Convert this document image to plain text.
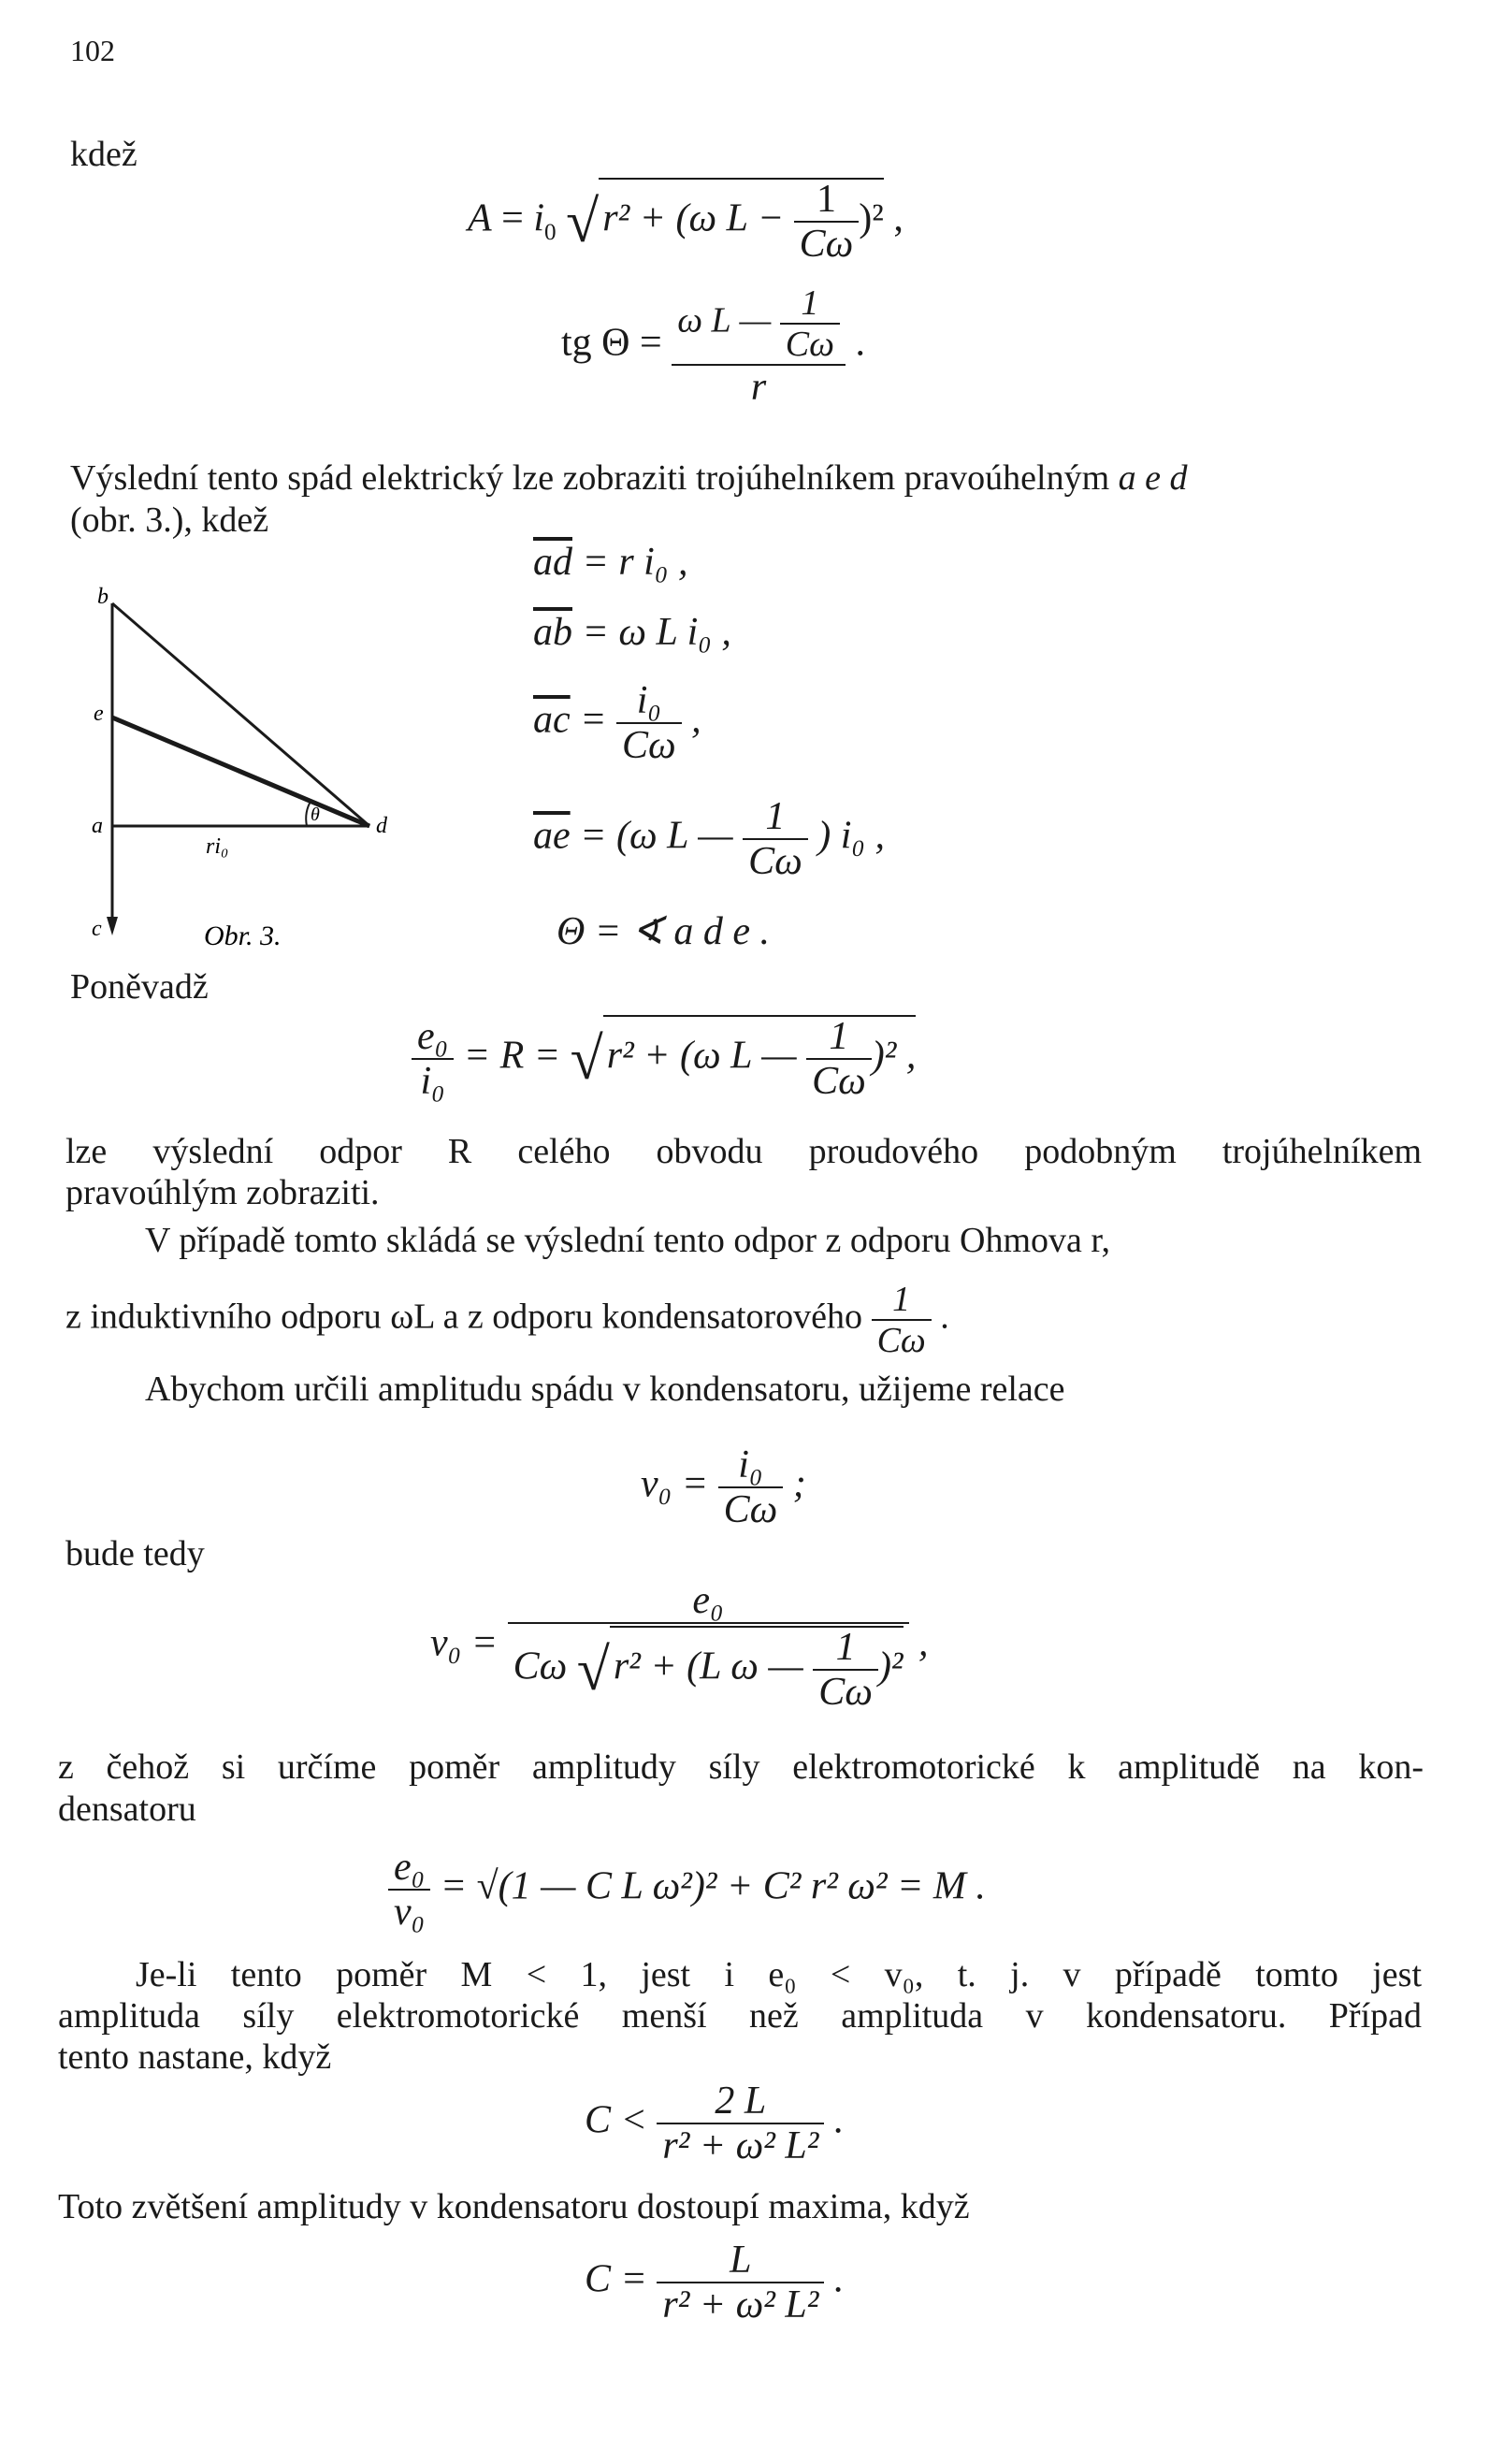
102
kdež
$A = i_0$ √r² + (ω $L - \frac{1}{C\omega} )^2$ ,
tg $\Theta = \frac{\omega L — \frac{1}{C\omega}}{r}$ .
Výslední tento spád elektrický lze zobraziti trojúhelníkem pravoúhelným a e d
(obr. 3.), kdež
b
e
a
c
d
θ
ri₀
Obr. 3.
$\overline{ad} = r$ i₀ ,
$\overline{ab} = \omega$ L i₀ ,
$\overline{ac} = \frac{\text{i₀}}{C\omega}$ ,
$\overline{ae} = (\omega$ L — $\frac{1}{C\omega}$ ) i₀ ,
Θ = ∢ a d e .
Poněvadž
$\frac{\text{e₀}}{\text{i₀}} = R = √r^2 + (\omega$ L — $\frac{1}{C\omega} )^2$ ,
lze výslední odpor R celého obvodu proudového podobným trojúhelníkem
pravoúhlým zobraziti.
V případě tomto skládá se výslední tento odpor z odporu Ohmova r,
z induktivního odporu ωL a z odporu kondensatorového $\frac{1}{C\omega}$ .
Abychom určili amplitudu spádu v kondensatoru, užijeme relace
$v_0 = \frac{\text{i₀}}{C\omega}$ ;
bude tedy
$v_0 = \frac{\text{e₀}}{C\omega √r^2 + (L \omega — \frac{1}{C\omega} )^2}$ ,
z čehož si určíme poměr amplitudy síly elektromotorické k amplitudě na kon-
densatoru
$\frac{\text{e₀}}{\text{v₀}} = √(1$ — C L ω²)² + C² r² ω² = M .
Je-li tento poměr M < 1, jest i e₀ < v₀, t. j. v případě tomto jest
amplituda síly elektromotorické menší než amplituda v kondensatoru. Případ
tento nastane, když
$C < \frac{2 L}{\text{r² + ω² L²}}$ .
Toto zvětšení amplitudy v kondensatoru dostoupí maxima, když
$C = \frac{L}{\text{r² + ω² L²}}$ .
